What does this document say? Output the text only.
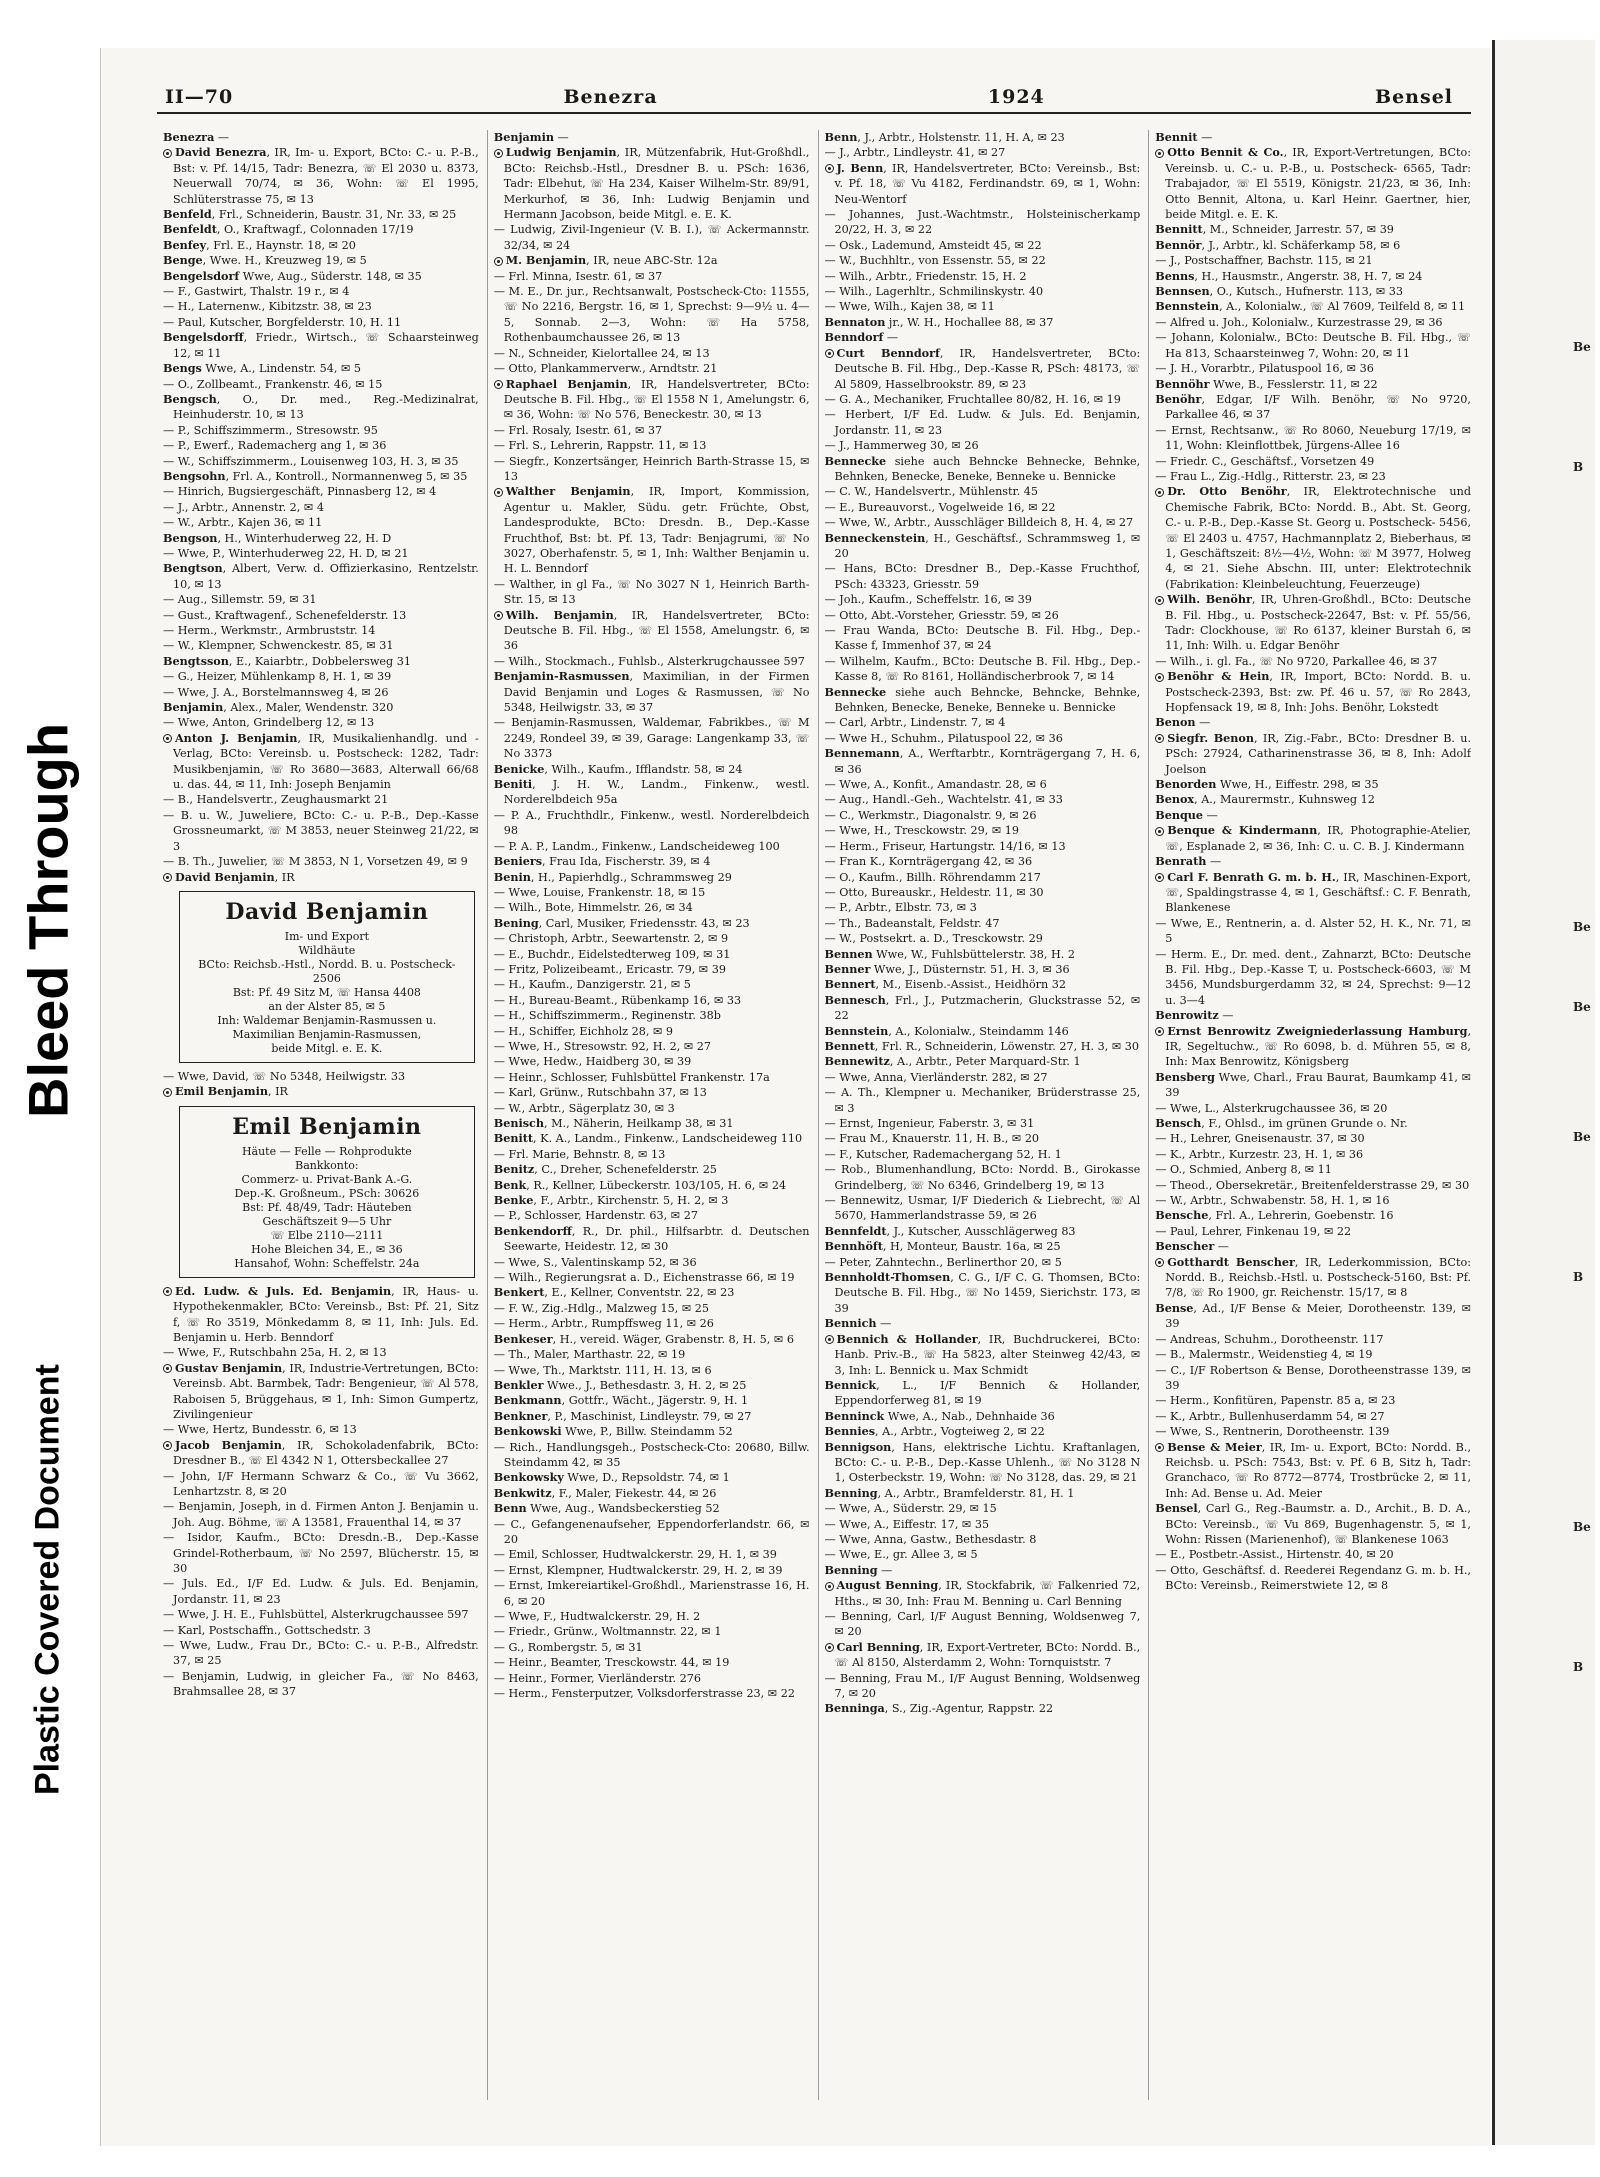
Bleed Through
Plastic Covered Document
II—70	Benezra	1924	Bensel

Benezra —

David Benezra, IR, Im- u. Export, BCto: C.- u. P.-B., Bst: v. Pf. 14/15, Tadr: Benezra, ☏ El 2030 u. 8373, Neuerwall 70/74, ✉ 36, Wohn: ☏ El 1995, Schlüterstrasse 75, ✉ 13

Benfeld, Frl., Schneiderin, Baustr. 31, Nr. 33, ✉ 25

Benfeldt, O., Kraftwagf., Colonnaden 17/19

Benfey, Frl. E., Haynstr. 18, ✉ 20

Benge, Wwe. H., Kreuzweg 19, ✉ 5

Bengelsdorf Wwe, Aug., Süderstr. 148, ✉ 35

— F., Gastwirt, Thalstr. 19 r., ✉ 4

— H., Laternenw., Kibitzstr. 38, ✉ 23

— Paul, Kutscher, Borgfelderstr. 10, H. 11

Bengelsdorff, Friedr., Wirtsch., ☏ Schaarsteinweg 12, ✉ 11

Bengs Wwe, A., Lindenstr. 54, ✉ 5

— O., Zollbeamt., Frankenstr. 46, ✉ 15

Bengsch, O., Dr. med., Reg.-Medizinalrat, Heinhuderstr. 10, ✉ 13

— P., Schiffszimmerm., Stresowstr. 95

— P., Ewerf., Rademacherg ang 1, ✉ 36

— W., Schiffszimmerm., Louisenweg 103, H. 3, ✉ 35

Bengsohn, Frl. A., Kontroll., Normannenweg 5, ✉ 35

— Hinrich, Bugsiergeschäft, Pinnasberg 12, ✉ 4

— J., Arbtr., Annenstr. 2, ✉ 4

— W., Arbtr., Kajen 36, ✉ 11

Bengson, H., Winterhuderweg 22, H. D

— Wwe, P., Winterhuderweg 22, H. D, ✉ 21

Bengtson, Albert, Verw. d. Offizierkasino, Rentzelstr. 10, ✉ 13

— Aug., Sillemstr. 59, ✉ 31

— Gust., Kraftwagenf., Schenefelderstr. 13

— Herm., Werkmstr., Armbruststr. 14

— W., Klempner, Schwenckestr. 85, ✉ 31

Bengtsson, E., Kaiarbtr., Dobbelersweg 31

— G., Heizer, Mühlenkamp 8, H. 1, ✉ 39

— Wwe, J. A., Borstelmannsweg 4, ✉ 26

Benjamin, Alex., Maler, Wendenstr. 320

— Wwe, Anton, Grindelberg 12, ✉ 13

Anton J. Benjamin, IR, Musikalienhandlg. und -Verlag, BCto: Vereinsb. u. Postscheck: 1282, Tadr: Musikbenjamin, ☏ Ro 3680—3683, Alterwall 66/68 u. das. 44, ✉ 11, Inh: Joseph Benjamin

— B., Handelsvertr., Zeughausmarkt 21

— B. u. W., Juweliere, BCto: C.- u. P.-B., Dep.-Kasse Grossneumarkt, ☏ M 3853, neuer Steinweg 21/22, ✉ 3

— B. Th., Juwelier, ☏ M 3853, N 1, Vorsetzen 49, ✉ 9

David Benjamin, IR

David Benjamin

Im- und Export

Wildhäute

BCto: Reichsb.-Hstl., Nordd. B. u. Postscheck- 2506

Bst: Pf. 49 Sitz M, ☏ Hansa 4408

an der Alster 85, ✉ 5

Inh: Waldemar Benjamin-Rasmussen u. Maximilian Benjamin-Rasmussen,

beide Mitgl. e. E. K.

— Wwe, David, ☏ No 5348, Heilwigstr. 33

Emil Benjamin, IR

Emil Benjamin

Häute — Felle — Rohprodukte

Bankkonto:

Commerz- u. Privat-Bank A.-G.

Dep.-K. Großneum., PSch: 30626

Bst: Pf. 48/49, Tadr: Häuteben

Geschäftszeit 9—5 Uhr

☏ Elbe 2110—2111

Hohe Bleichen 34, E., ✉ 36

Hansahof, Wohn: Scheffelstr. 24a

Ed. Ludw. & Juls. Ed. Benjamin, IR, Haus- u. Hypothekenmakler, BCto: Vereinsb., Bst: Pf. 21, Sitz f, ☏ Ro 3519, Mönkedamm 8, ✉ 11, Inh: Juls. Ed. Benjamin u. Herb. Benndorf

— Wwe, F., Rutschbahn 25a, H. 2, ✉ 13

Gustav Benjamin, IR, Industrie-Vertretungen, BCto: Vereinsb. Abt. Barmbek, Tadr: Bengenieur, ☏ Al 578, Raboisen 5, Brüggehaus, ✉ 1, Inh: Simon Gumpertz, Zivilingenieur

— Wwe, Hertz, Bundesstr. 6, ✉ 13

Jacob Benjamin, IR, Schokoladenfabrik, BCto: Dresdner B., ☏ El 4342 N 1, Ottersbeckallee 27

— John, I/F Hermann Schwarz & Co., ☏ Vu 3662, Lenhartzstr. 8, ✉ 20

— Benjamin, Joseph, in d. Firmen Anton J. Benjamin u. Joh. Aug. Böhme, ☏ A 13581, Frauenthal 14, ✉ 37

— Isidor, Kaufm., BCto: Dresdn.-B., Dep.-Kasse Grindel-Rotherbaum, ☏ No 2597, Blücherstr. 15, ✉ 30

— Juls. Ed., I/F Ed. Ludw. & Juls. Ed. Benjamin, Jordanstr. 11, ✉ 23

— Wwe, J. H. E., Fuhlsbüttel, Alsterkrugchaussee 597

— Karl, Postschaffn., Gottschedstr. 3

— Wwe, Ludw., Frau Dr., BCto: C.- u. P.-B., Alfredstr. 37, ✉ 25

— Benjamin, Ludwig, in gleicher Fa., ☏ No 8463, Brahmsallee 28, ✉ 37

Benjamin —

Ludwig Benjamin, IR, Mützenfabrik, Hut-Großhdl., BCto: Reichsb.-Hstl., Dresdner B. u. PSch: 1636, Tadr: Elbehut, ☏ Ha 234, Kaiser Wilhelm-Str. 89/91, Merkurhof, ✉ 36, Inh: Ludwig Benjamin und Hermann Jacobson, beide Mitgl. e. E. K.

— Ludwig, Zivil-Ingenieur (V. B. I.), ☏ Ackermannstr. 32/34, ✉ 24

M. Benjamin, IR, neue ABC-Str. 12a

— Frl. Minna, Isestr. 61, ✉ 37

— M. E., Dr. jur., Rechtsanwalt, Postscheck-Cto: 11555, ☏ No 2216, Bergstr. 16, ✉ 1, Sprechst: 9—9½ u. 4—5, Sonnab. 2—3, Wohn: ☏ Ha 5758, Rothenbaumchaussee 26, ✉ 13

— N., Schneider, Kielortallee 24, ✉ 13

— Otto, Plankammerverw., Arndtstr. 21

Raphael Benjamin, IR, Handelsvertreter, BCto: Deutsche B. Fil. Hbg., ☏ El 1558 N 1, Amelungstr. 6, ✉ 36, Wohn: ☏ No 576, Beneckestr. 30, ✉ 13

— Frl. Rosaly, Isestr. 61, ✉ 37

— Frl. S., Lehrerin, Rappstr. 11, ✉ 13

— Siegfr., Konzertsänger, Heinrich Barth-Strasse 15, ✉ 13

Walther Benjamin, IR, Import, Kommission, Agentur u. Makler, Südu. getr. Früchte, Obst, Landesprodukte, BCto: Dresdn. B., Dep.-Kasse Fruchthof, Bst: bt. Pf. 13, Tadr: Benjagrumi, ☏ No 3027, Oberhafenstr. 5, ✉ 1, Inh: Walther Benjamin u. H. L. Benndorf

— Walther, in gl Fa., ☏ No 3027 N 1, Heinrich Barth-Str. 15, ✉ 13

Wilh. Benjamin, IR, Handelsvertreter, BCto: Deutsche B. Fil. Hbg., ☏ El 1558, Amelungstr. 6, ✉ 36

— Wilh., Stockmach., Fuhlsb., Alsterkrugchaussee 597

Benjamin-Rasmussen, Maximilian, in der Firmen David Benjamin und Loges & Rasmussen, ☏ No 5348, Heilwigstr. 33, ✉ 37

— Benjamin-Rasmussen, Waldemar, Fabrikbes., ☏ M 2249, Rondeel 39, ✉ 39, Garage: Langenkamp 33, ☏ No 3373

Benicke, Wilh., Kaufm., Ifflandstr. 58, ✉ 24

Beniti, J. H. W., Landm., Finkenw., westl. Norderelbdeich 95a

— P. A., Fruchthdlr., Finkenw., westl. Norderelbdeich 98

— P. A. P., Landm., Finkenw., Landscheideweg 100

Beniers, Frau Ida, Fischerstr. 39, ✉ 4

Benin, H., Papierhdlg., Schrammsweg 29

— Wwe, Louise, Frankenstr. 18, ✉ 15

— Wilh., Bote, Himmelstr. 26, ✉ 34

Bening, Carl, Musiker, Friedensstr. 43, ✉ 23

— Christoph, Arbtr., Seewartenstr. 2, ✉ 9

— E., Buchdr., Eidelstedterweg 109, ✉ 31

— Fritz, Polizeibeamt., Ericastr. 79, ✉ 39

— H., Kaufm., Danzigerstr. 21, ✉ 5

— H., Bureau-Beamt., Rübenkamp 16, ✉ 33

— H., Schiffszimmerm., Reginenstr. 38b

— H., Schiffer, Eichholz 28, ✉ 9

— Wwe, H., Stresowstr. 92, H. 2, ✉ 27

— Wwe, Hedw., Haidberg 30, ✉ 39

— Heinr., Schlosser, Fuhlsbüttel Frankenstr. 17a

— Karl, Grünw., Rutschbahn 37, ✉ 13

— W., Arbtr., Sägerplatz 30, ✉ 3

Benisch, M., Näherin, Heilkamp 38, ✉ 31

Benitt, K. A., Landm., Finkenw., Landscheideweg 110

— Frl. Marie, Behnstr. 8, ✉ 13

Benitz, C., Dreher, Schenefelderstr. 25

Benk, R., Kellner, Lübeckerstr. 103/105, H. 6, ✉ 24

Benke, F., Arbtr., Kirchenstr. 5, H. 2, ✉ 3

— P., Schlosser, Hardenstr. 63, ✉ 27

Benkendorff, R., Dr. phil., Hilfsarbtr. d. Deutschen Seewarte, Heidestr. 12, ✉ 30

— Wwe, S., Valentinskamp 52, ✉ 36

— Wilh., Regierungsrat a. D., Eichenstrasse 66, ✉ 19

Benkert, E., Kellner, Conventstr. 22, ✉ 23

— F. W., Zig.-Hdlg., Malzweg 15, ✉ 25

— Herm., Arbtr., Rumpffsweg 11, ✉ 26

Benkeser, H., vereid. Wäger, Grabenstr. 8, H. 5, ✉ 6

— Th., Maler, Marthastr. 22, ✉ 19

— Wwe, Th., Marktstr. 111, H. 13, ✉ 6

Benkler Wwe., J., Bethesdastr. 3, H. 2, ✉ 25

Benkmann, Gottfr., Wächt., Jägerstr. 9, H. 1

Benkner, P., Maschinist, Lindleystr. 79, ✉ 27

Benkowski Wwe, P., Billw. Steindamm 52

— Rich., Handlungsgeh., Postscheck-Cto: 20680, Billw. Steindamm 42, ✉ 35

Benkowsky Wwe, D., Repsoldstr. 74, ✉ 1

Benkwitz, F., Maler, Fiekestr. 44, ✉ 26

Benn Wwe, Aug., Wandsbeckerstieg 52

— C., Gefangenenaufseher, Eppendorferlandstr. 66, ✉ 20

— Emil, Schlosser, Hudtwalckerstr. 29, H. 1, ✉ 39

— Ernst, Klempner, Hudtwalckerstr. 29, H. 2, ✉ 39

— Ernst, Imkereiartikel-Großhdl., Marienstrasse 16, H. 6, ✉ 20

— Wwe, F., Hudtwalckerstr. 29, H. 2

— Friedr., Grünw., Woltmannstr. 22, ✉ 1

— G., Rombergstr. 5, ✉ 31

— Heinr., Beamter, Tresckowstr. 44, ✉ 19

— Heinr., Former, Vierländerstr. 276

— Herm., Fensterputzer, Volksdorferstrasse 23, ✉ 22

Benn, J., Arbtr., Holstenstr. 11, H. A, ✉ 23

— J., Arbtr., Lindleystr. 41, ✉ 27

J. Benn, IR, Handelsvertreter, BCto: Vereinsb., Bst: v. Pf. 18, ☏ Vu 4182, Ferdinandstr. 69, ✉ 1, Wohn: Neu-Wentorf

— Johannes, Just.-Wachtmstr., Holsteinischerkamp 20/22, H. 3, ✉ 22

— Osk., Lademund, Amsteidt 45, ✉ 22

— W., Buchhltr., von Essenstr. 55, ✉ 22

— Wilh., Arbtr., Friedenstr. 15, H. 2

— Wilh., Lagerhltr., Schmilinskystr. 40

— Wwe, Wilh., Kajen 38, ✉ 11

Bennaton jr., W. H., Hochallee 88, ✉ 37

Benndorf —

Curt Benndorf, IR, Handelsvertreter, BCto: Deutsche B. Fil. Hbg., Dep.-Kasse R, PSch: 48173, ☏ Al 5809, Hasselbrookstr. 89, ✉ 23

— G. A., Mechaniker, Fruchtallee 80/82, H. 16, ✉ 19

— Herbert, I/F Ed. Ludw. & Juls. Ed. Benjamin, Jordanstr. 11, ✉ 23

— J., Hammerweg 30, ✉ 26

Bennecke siehe auch Behncke Behnecke, Behnke, Behnken, Benecke, Beneke, Benneke u. Bennicke

— C. W., Handelsvertr., Mühlenstr. 45

— E., Bureauvorst., Vogelweide 16, ✉ 22

— Wwe, W., Arbtr., Ausschläger Billdeich 8, H. 4, ✉ 27

Benneckenstein, H., Geschäftsf., Schrammsweg 1, ✉ 20

— Hans, BCto: Dresdner B., Dep.-Kasse Fruchthof, PSch: 43323, Griesstr. 59

— Joh., Kaufm., Scheffelstr. 16, ✉ 39

— Otto, Abt.-Vorsteher, Griesstr. 59, ✉ 26

— Frau Wanda, BCto: Deutsche B. Fil. Hbg., Dep.-Kasse f, Immenhof 37, ✉ 24

— Wilhelm, Kaufm., BCto: Deutsche B. Fil. Hbg., Dep.-Kasse 8, ☏ Ro 8161, Holländischerbrook 7, ✉ 14

Bennecke siehe auch Behncke, Behncke, Behnke, Behnken, Benecke, Beneke, Benneke u. Bennicke

— Carl, Arbtr., Lindenstr. 7, ✉ 4

— Wwe H., Schuhm., Pilatuspool 22, ✉ 36

Bennemann, A., Werftarbtr., Kornträgergang 7, H. 6, ✉ 36

— Wwe, A., Konfit., Amandastr. 28, ✉ 6

— Aug., Handl.-Geh., Wachtelstr. 41, ✉ 33

— C., Werkmstr., Diagonalstr. 9, ✉ 26

— Wwe, H., Tresckowstr. 29, ✉ 19

— Herm., Friseur, Hartungstr. 14/16, ✉ 13

— Fran K., Kornträgergang 42, ✉ 36

— O., Kaufm., Billh. Röhrendamm 217

— Otto, Bureauskr., Heldestr. 11, ✉ 30

— P., Arbtr., Elbstr. 73, ✉ 3

— Th., Badeanstalt, Feldstr. 47

— W., Postsekrt. a. D., Tresckowstr. 29

Bennen Wwe, W., Fuhlsbüttelerstr. 38, H. 2

Benner Wwe, J., Düsternstr. 51, H. 3, ✉ 36

Bennert, M., Eisenb.-Assist., Heidhörn 32

Bennesch, Frl., J., Putzmacherin, Gluckstrasse 52, ✉ 22

Bennstein, A., Kolonialw., Steindamm 146

Bennett, Frl. R., Schneiderin, Löwenstr. 27, H. 3, ✉ 30

Bennewitz, A., Arbtr., Peter Marquard-Str. 1

— Wwe, Anna, Vierländerstr. 282, ✉ 27

— A. Th., Klempner u. Mechaniker, Brüderstrasse 25, ✉ 3

— Ernst, Ingenieur, Faberstr. 3, ✉ 31

— Frau M., Knauerstr. 11, H. B., ✉ 20

— F., Kutscher, Rademachergang 52, H. 1

— Rob., Blumenhandlung, BCto: Nordd. B., Girokasse Grindelberg, ☏ No 6346, Grindelberg 19, ✉ 13

— Bennewitz, Usmar, I/F Diederich & Liebrecht, ☏ Al 5670, Hammerlandstrasse 59, ✉ 26

Bennfeldt, J., Kutscher, Ausschlägerweg 83

Bennhöft, H, Monteur, Baustr. 16a, ✉ 25

— Peter, Zahntechn., Berlinerthor 20, ✉ 5

Bennholdt-Thomsen, C. G., I/F C. G. Thomsen, BCto: Deutsche B. Fil. Hbg., ☏ No 1459, Sierichstr. 173, ✉ 39

Bennich —

Bennich & Hollander, IR, Buchdruckerei, BCto: Hanb. Priv.-B., ☏ Ha 5823, alter Steinweg 42/43, ✉ 3, Inh: L. Bennick u. Max Schmidt

Bennick, L., I/F Bennich & Hollander, Eppendorferweg 81, ✉ 19

Benninck Wwe, A., Nab., Dehnhaide 36

Bennies, A., Arbtr., Vogteiweg 2, ✉ 22

Bennigson, Hans, elektrische Lichtu. Kraftanlagen, BCto: C.- u. P.-B., Dep.-Kasse Uhlenh., ☏ No 3128 N 1, Osterbeckstr. 19, Wohn: ☏ No 3128, das. 29, ✉ 21

Benning, A., Arbtr., Bramfelderstr. 81, H. 1

— Wwe, A., Süderstr. 29, ✉ 15

— Wwe, A., Eiffestr. 17, ✉ 35

— Wwe, Anna, Gastw., Bethesdastr. 8

— Wwe, E., gr. Allee 3, ✉ 5

Benning —

August Benning, IR, Stockfabrik, ☏ Falkenried 72, Hths., ✉ 30, Inh: Frau M. Benning u. Carl Benning

— Benning, Carl, I/F August Benning, Woldsenweg 7, ✉ 20

Carl Benning, IR, Export-Vertreter, BCto: Nordd. B., ☏ Al 8150, Alsterdamm 2, Wohn: Tornquiststr. 7

— Benning, Frau M., I/F August Benning, Woldsenweg 7, ✉ 20

Benninga, S., Zig.-Agentur, Rappstr. 22

Bennit —

Otto Bennit & Co., IR, Export-Vertretungen, BCto: Vereinsb. u. C.- u. P.-B., u. Postscheck- 6565, Tadr: Trabajador, ☏ El 5519, Königstr. 21/23, ✉ 36, Inh: Otto Bennit, Altona, u. Karl Heinr. Gaertner, hier, beide Mitgl. e. E. K.

Bennitt, M., Schneider, Jarrestr. 57, ✉ 39

Bennör, J., Arbtr., kl. Schäferkamp 58, ✉ 6

— J., Postschaffner, Bachstr. 115, ✉ 21

Benns, H., Hausmstr., Angerstr. 38, H. 7, ✉ 24

Bennsen, O., Kutsch., Hufnerstr. 113, ✉ 33

Bennstein, A., Kolonialw., ☏ Al 7609, Teilfeld 8, ✉ 11

— Alfred u. Joh., Kolonialw., Kurzestrasse 29, ✉ 36

— Johann, Kolonialw., BCto: Deutsche B. Fil. Hbg., ☏ Ha 813, Schaarsteinweg 7, Wohn: 20, ✉ 11

— J. H., Vorarbtr., Pilatuspool 16, ✉ 36

Bennöhr Wwe, B., Fesslerstr. 11, ✉ 22

Benöhr, Edgar, I/F Wilh. Benöhr, ☏ No 9720, Parkallee 46, ✉ 37

— Ernst, Rechtsanw., ☏ Ro 8060, Neueburg 17/19, ✉ 11, Wohn: Kleinflottbek, Jürgens-Allee 16

— Friedr. C., Geschäftsf., Vorsetzen 49

— Frau L., Zig.-Hdlg., Ritterstr. 23, ✉ 23

Dr. Otto Benöhr, IR, Elektrotechnische und Chemische Fabrik, BCto: Nordd. B., Abt. St. Georg, C.- u. P.-B., Dep.-Kasse St. Georg u. Postscheck- 5456, ☏ El 2403 u. 4757, Hachmannplatz 2, Bieberhaus, ✉ 1, Geschäftszeit: 8½—4½, Wohn: ☏ M 3977, Holweg 4, ✉ 21. Siehe Abschn. III, unter: Elektrotechnik (Fabrikation: Kleinbeleuchtung, Feuerzeuge)

Wilh. Benöhr, IR, Uhren-Großhdl., BCto: Deutsche B. Fil. Hbg., u. Postscheck-22647, Bst: v. Pf. 55/56, Tadr: Clockhouse, ☏ Ro 6137, kleiner Burstah 6, ✉ 11, Inh: Wilh. u. Edgar Benöhr

— Wilh., i. gl. Fa., ☏ No 9720, Parkallee 46, ✉ 37

Benöhr & Hein, IR, Import, BCto: Nordd. B. u. Postscheck-2393, Bst: zw. Pf. 46 u. 57, ☏ Ro 2843, Hopfensack 19, ✉ 8, Inh: Johs. Benöhr, Lokstedt

Benon —

Siegfr. Benon, IR, Zig.-Fabr., BCto: Dresdner B. u. PSch: 27924, Catharinenstrasse 36, ✉ 8, Inh: Adolf Joelson

Benorden Wwe, H., Eiffestr. 298, ✉ 35

Benox, A., Maurermstr., Kuhnsweg 12

Benque —

Benque & Kindermann, IR, Photographie-Atelier, ☏, Esplanade 2, ✉ 36, Inh: C. u. C. B. J. Kindermann

Benrath —

Carl F. Benrath G. m. b. H., IR, Maschinen-Export, ☏, Spaldingstrasse 4, ✉ 1, Geschäftsf.: C. F. Benrath, Blankenese

— Wwe, E., Rentnerin, a. d. Alster 52, H. K., Nr. 71, ✉ 5

— Herm. E., Dr. med. dent., Zahnarzt, BCto: Deutsche B. Fil. Hbg., Dep.-Kasse T, u. Postscheck-6603, ☏ M 3456, Mundsburgerdamm 32, ✉ 24, Sprechst: 9—12 u. 3—4

Benrowitz —

Ernst Benrowitz Zweigniederlassung Hamburg, IR, Segeltuchw., ☏ Ro 6098, b. d. Mühren 55, ✉ 8, Inh: Max Benrowitz, Königsberg

Bensberg Wwe, Charl., Frau Baurat, Baumkamp 41, ✉ 39

— Wwe, L., Alsterkrugchaussee 36, ✉ 20

Bensch, F., Ohlsd., im grünen Grunde o. Nr.

— H., Lehrer, Gneisenaustr. 37, ✉ 30

— K., Arbtr., Kurzestr. 23, H. 1, ✉ 36

— O., Schmied, Anberg 8, ✉ 11

— Theod., Obersekretär., Breitenfelderstrasse 29, ✉ 30

— W., Arbtr., Schwabenstr. 58, H. 1, ✉ 16

Bensche, Frl. A., Lehrerin, Goebenstr. 16

— Paul, Lehrer, Finkenau 19, ✉ 22

Benscher —

Gotthardt Benscher, IR, Lederkommission, BCto: Nordd. B., Reichsb.-Hstl. u. Postscheck-5160, Bst: Pf. 7/8, ☏ Ro 1900, gr. Reichenstr. 15/17, ✉ 8

Bense, Ad., I/F Bense & Meier, Dorotheenstr. 139, ✉ 39

— Andreas, Schuhm., Dorotheenstr. 117

— B., Malermstr., Weidenstieg 4, ✉ 19

— C., I/F Robertson & Bense, Dorotheenstrasse 139, ✉ 39

— Herm., Konfitüren, Papenstr. 85 a, ✉ 23

— K., Arbtr., Bullenhuserdamm 54, ✉ 27

— Wwe, S., Rentnerin, Dorotheenstr. 139

Bense & Meier, IR, Im- u. Export, BCto: Nordd. B., Reichsb. u. PSch: 7543, Bst: v. Pf. 6 B, Sitz h, Tadr: Granchaco, ☏ Ro 8772—8774, Trostbrücke 2, ✉ 11, Inh: Ad. Bense u. Ad. Meier

Bensel, Carl G., Reg.-Baumstr. a. D., Archit., B. D. A., BCto: Vereinsb., ☏ Vu 869, Bugenhagenstr. 5, ✉ 1, Wohn: Rissen (Marienenhof), ☏ Blankenese 1063

— E., Postbetr.-Assist., Hirtenstr. 40, ✉ 20

— Otto, Geschäftsf. d. Reederei Regendanz G. m. b. H., BCto: Vereinsb., Reimerstwiete 12, ✉ 8

Be
B
Be
Be
Be
B
Be
B
